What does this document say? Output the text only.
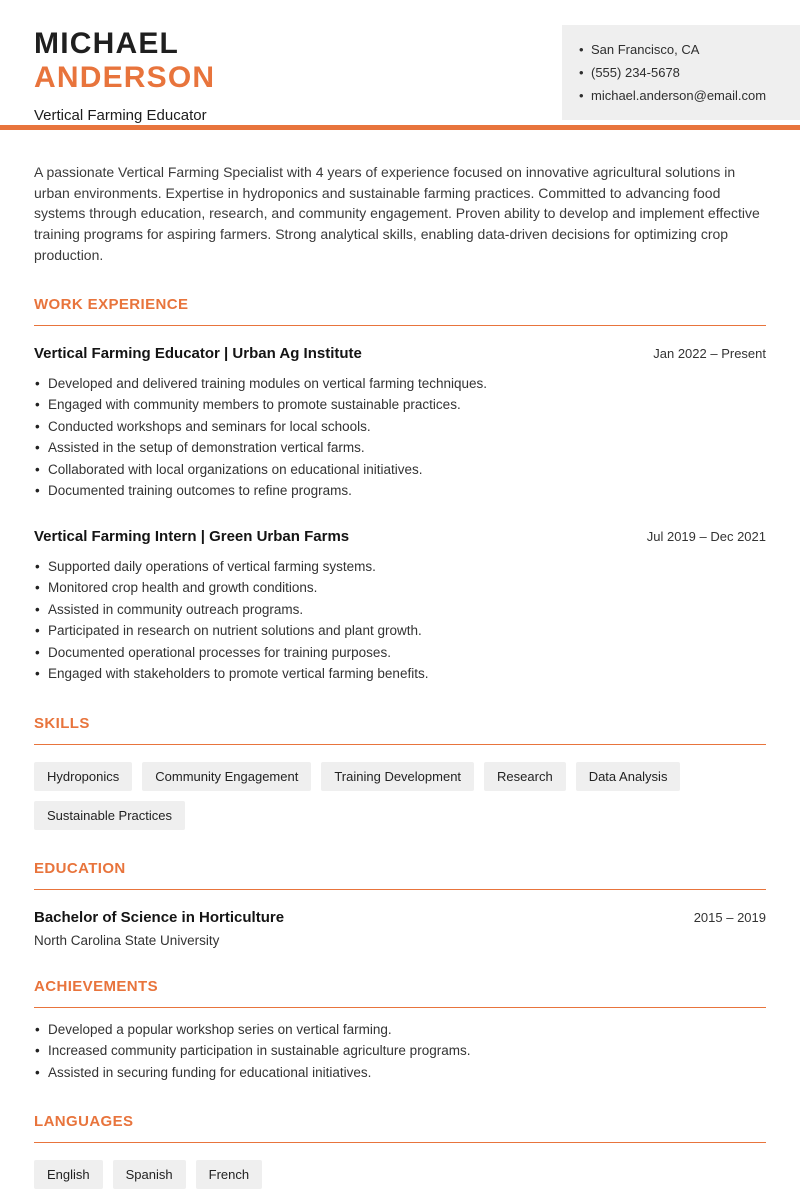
MICHAEL
ANDERSON
Vertical Farming Educator
• San Francisco, CA
• (555) 234-5678
• michael.anderson@email.com

A passionate Vertical Farming Specialist with 4 years of experience focused on innovative agricultural solutions in urban environments. Expertise in hydroponics and sustainable farming practices. Committed to advancing food systems through education, research, and community engagement. Proven ability to develop and implement effective training programs for aspiring farmers. Strong analytical skills, enabling data-driven decisions for optimizing crop production.

WORK EXPERIENCE
Vertical Farming Educator | Urban Ag Institute	Jan 2022 – Present
• Developed and delivered training modules on vertical farming techniques.
• Engaged with community members to promote sustainable practices.
• Conducted workshops and seminars for local schools.
• Assisted in the setup of demonstration vertical farms.
• Collaborated with local organizations on educational initiatives.
• Documented training outcomes to refine programs.
Vertical Farming Intern | Green Urban Farms	Jul 2019 – Dec 2021
• Supported daily operations of vertical farming systems.
• Monitored crop health and growth conditions.
• Assisted in community outreach programs.
• Participated in research on nutrient solutions and plant growth.
• Documented operational processes for training purposes.
• Engaged with stakeholders to promote vertical farming benefits.
SKILLS
Hydroponics	Community Engagement	Training Development	Research	Data Analysis
Sustainable Practices
EDUCATION
Bachelor of Science in Horticulture	2015 – 2019
North Carolina State University
ACHIEVEMENTS
• Developed a popular workshop series on vertical farming.
• Increased community participation in sustainable agriculture programs.
• Assisted in securing funding for educational initiatives.
LANGUAGES
English	Spanish	French
